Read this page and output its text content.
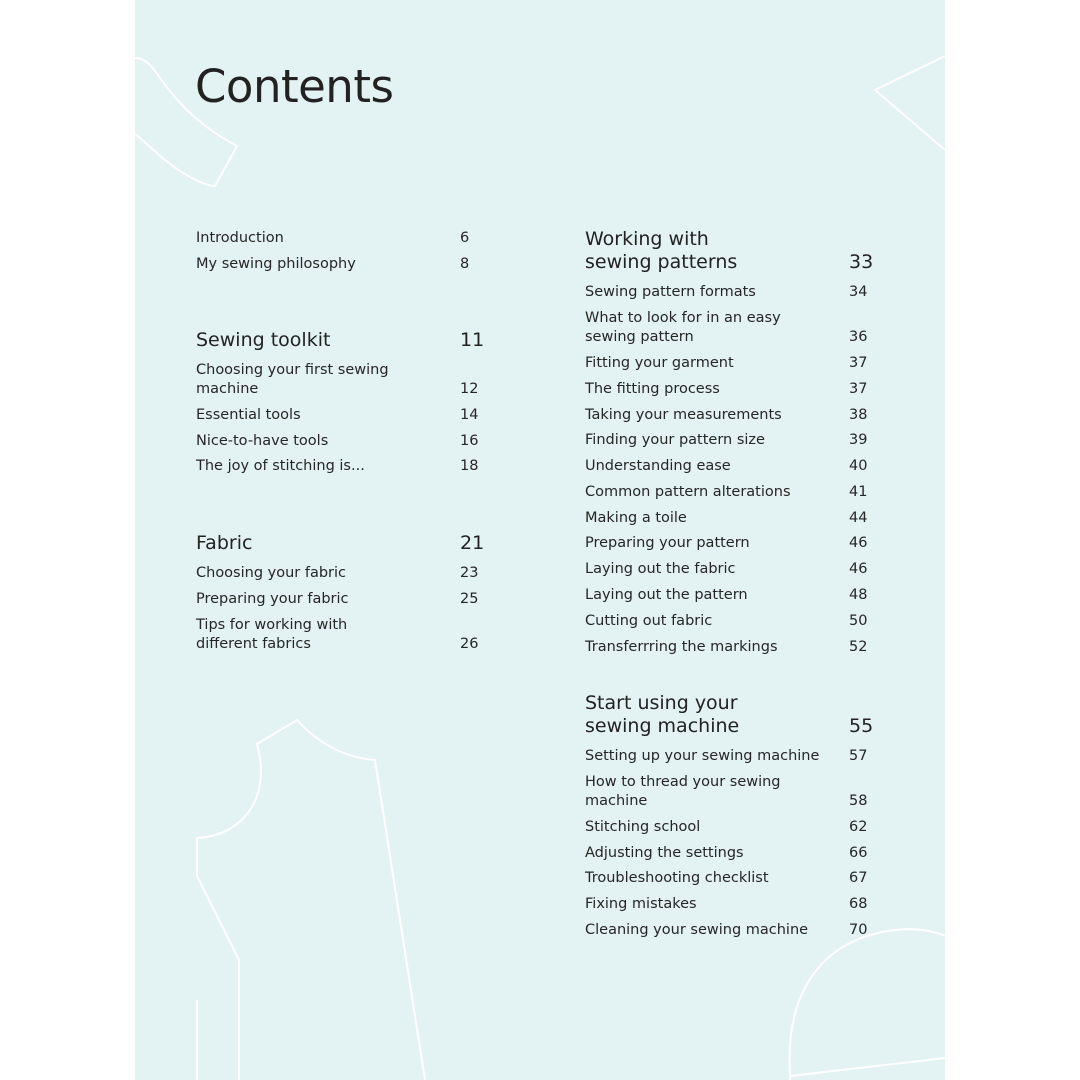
Contents
Introduction	6
My sewing philosophy	8
Sewing toolkit	11
Choosing your first sewing machine	12
Essential tools	14
Nice-to-have tools	16
The joy of stitching is...	18
Fabric	21
Choosing your fabric	23
Preparing your fabric	25
Tips for working with different fabrics	26
Working with sewing patterns	33
Sewing pattern formats	34
What to look for in an easy sewing pattern	36
Fitting your garment	37
The fitting process	37
Taking your measurements	38
Finding your pattern size	39
Understanding ease	40
Common pattern alterations	41
Making a toile	44
Preparing your pattern	46
Laying out the fabric	46
Laying out the pattern	48
Cutting out fabric	50
Transferrring the markings	52
Start using your sewing machine	55
Setting up your sewing machine	57
How to thread your sewing machine	58
Stitching school	62
Adjusting the settings	66
Troubleshooting checklist	67
Fixing mistakes	68
Cleaning your sewing machine	70
